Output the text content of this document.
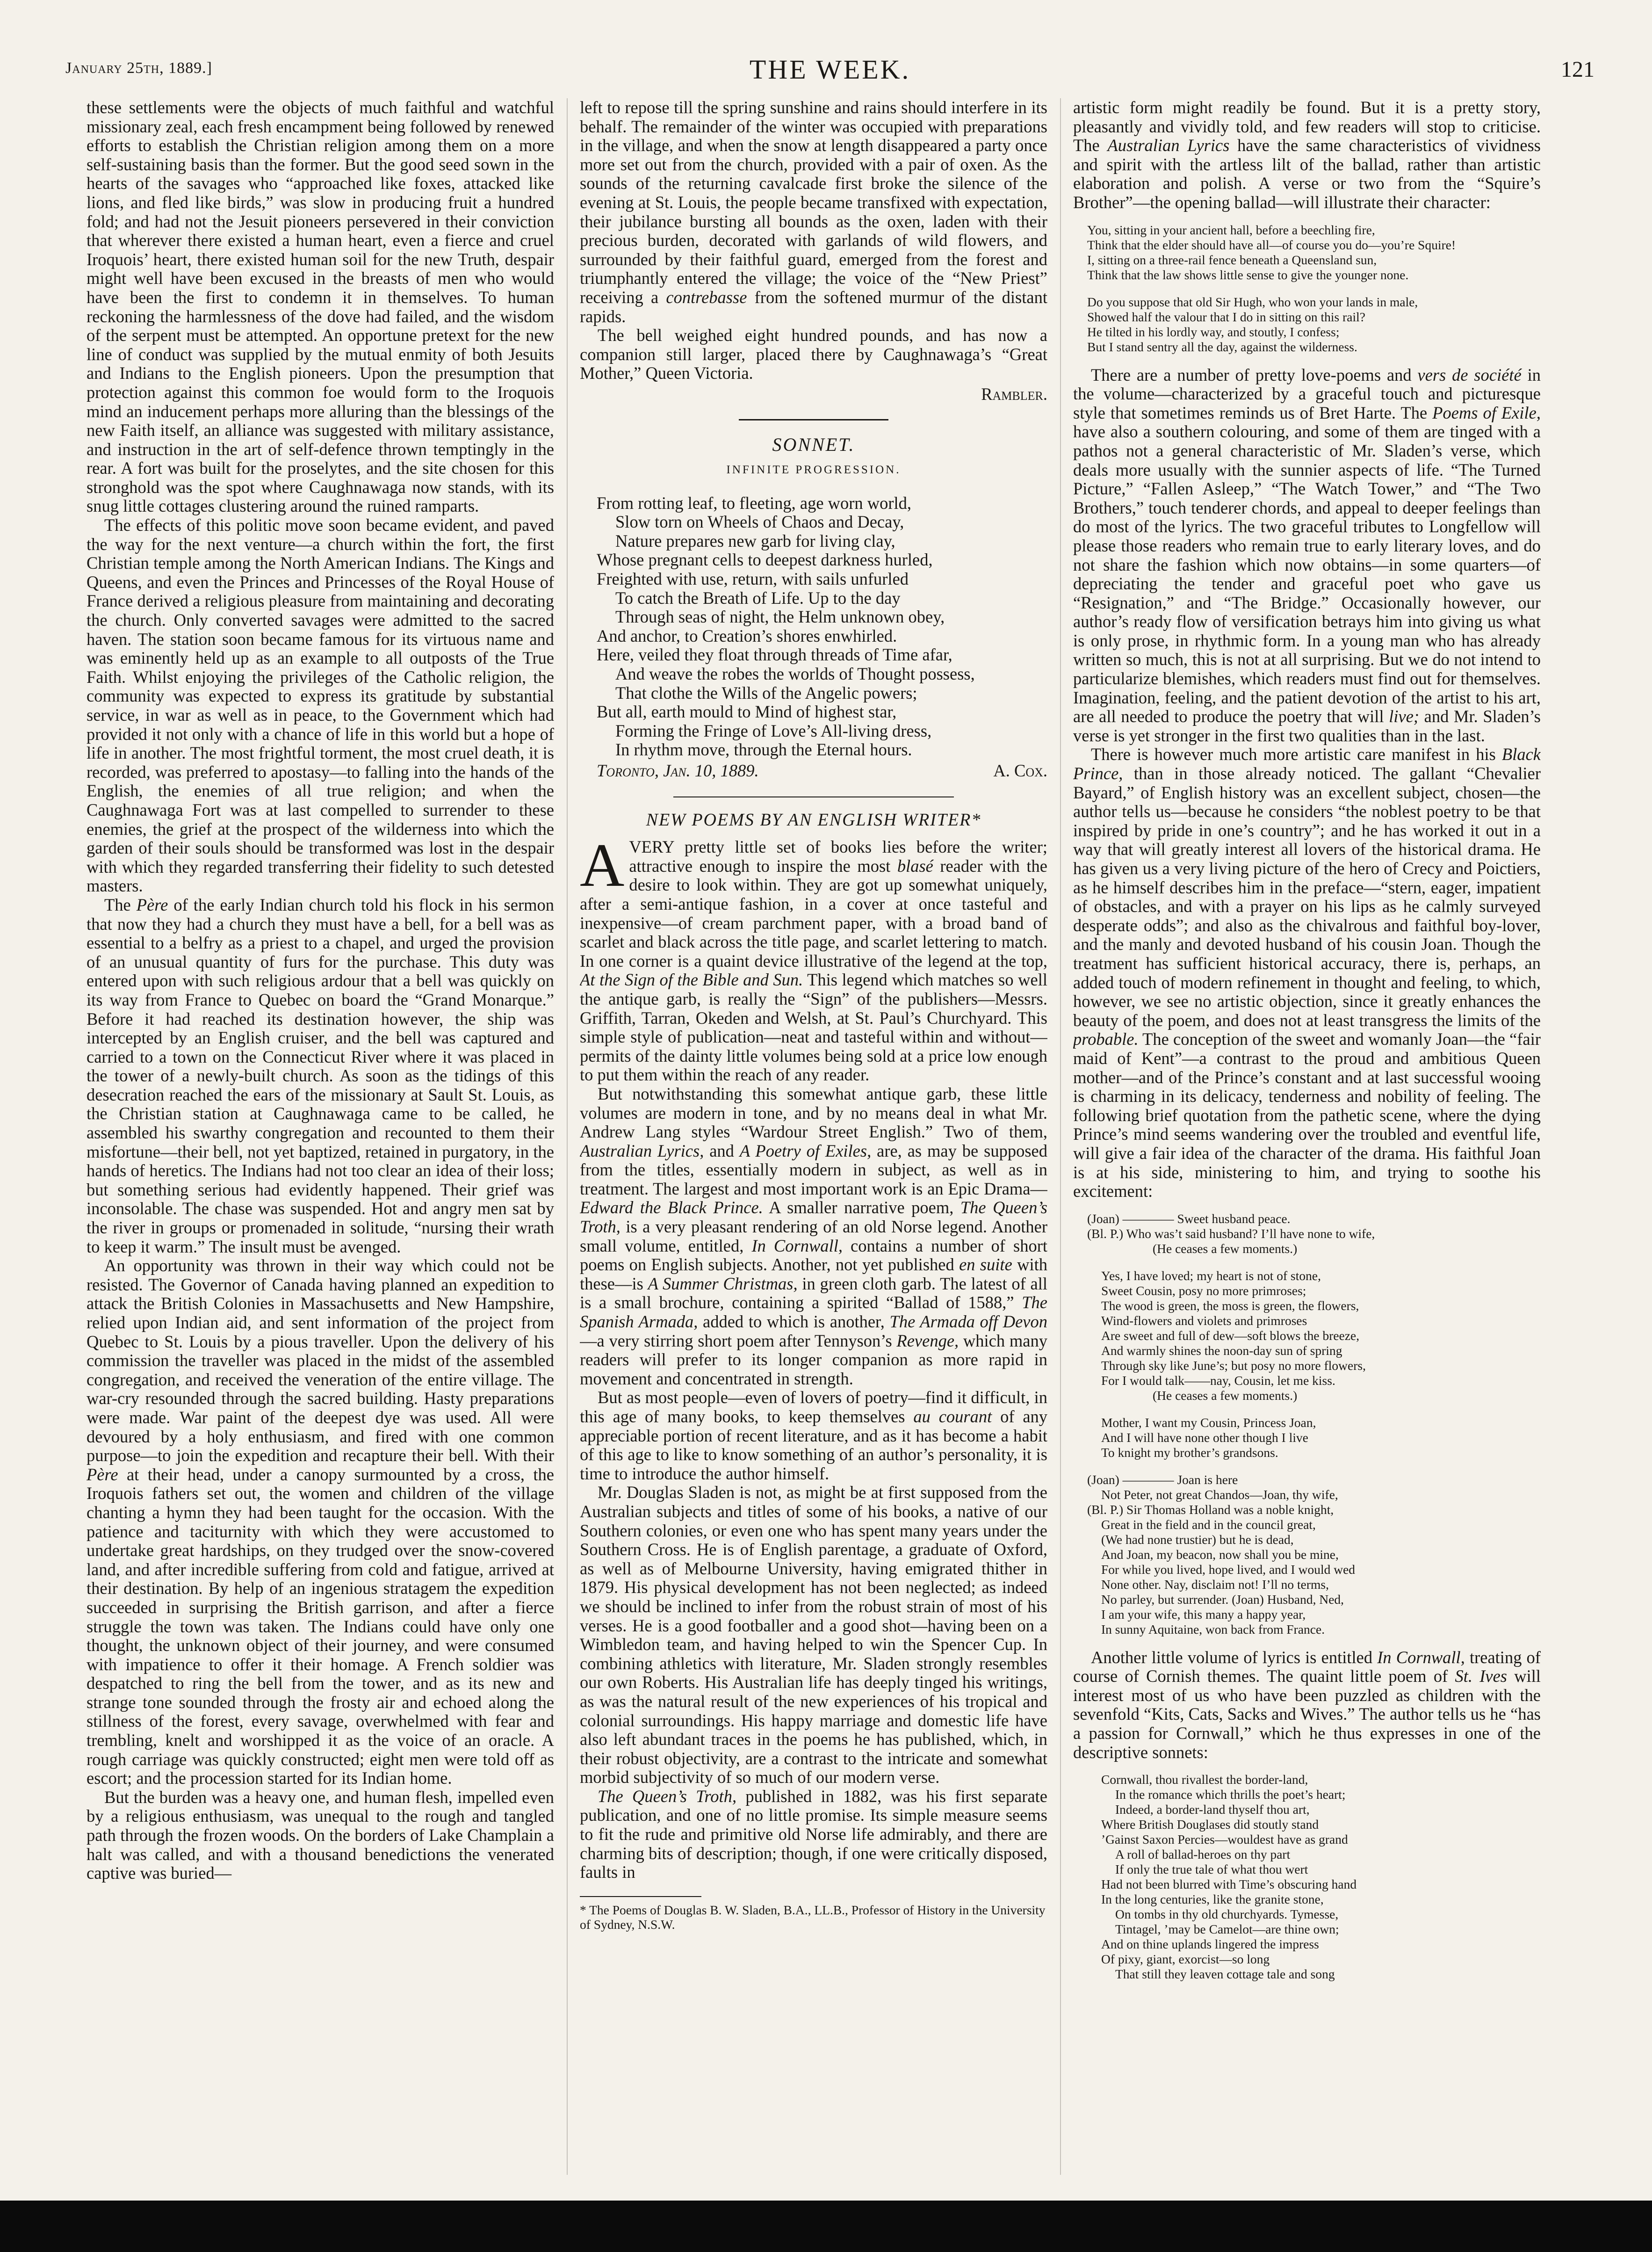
January 25th, 1889.]	THE WEEK.	121

these settlements were the objects of much faithful and watchful missionary zeal, each fresh encampment being followed by renewed efforts to establish the Christian religion among them on a more self-sustaining basis than the former. But the good seed sown in the hearts of the savages who “approached like foxes, attacked like lions, and fled like birds,” was slow in producing fruit a hundred fold; and had not the Jesuit pioneers persevered in their conviction that wherever there existed a human heart, even a fierce and cruel Iroquois’ heart, there existed human soil for the new Truth, despair might well have been excused in the breasts of men who would have been the first to condemn it in themselves. To human reckoning the harmlessness of the dove had failed, and the wisdom of the serpent must be attempted. An opportune pretext for the new line of conduct was supplied by the mutual enmity of both Jesuits and Indians to the English pioneers. Upon the presumption that protection against this common foe would form to the Iroquois mind an inducement perhaps more alluring than the blessings of the new Faith itself, an alliance was suggested with military assistance, and instruction in the art of self-defence thrown temptingly in the rear. A fort was built for the proselytes, and the site chosen for this stronghold was the spot where Caughnawaga now stands, with its snug little cottages clustering around the ruined ramparts.

The effects of this politic move soon became evident, and paved the way for the next venture—a church within the fort, the first Christian temple among the North American Indians. The Kings and Queens, and even the Princes and Princesses of the Royal House of France derived a religious pleasure from maintaining and decorating the church. Only converted savages were admitted to the sacred haven. The station soon became famous for its virtuous name and was eminently held up as an example to all outposts of the True Faith. Whilst enjoying the privileges of the Catholic religion, the community was expected to express its gratitude by substantial service, in war as well as in peace, to the Government which had provided it not only with a chance of life in this world but a hope of life in another. The most frightful torment, the most cruel death, it is recorded, was preferred to apostasy—to falling into the hands of the English, the enemies of all true religion; and when the Caughnawaga Fort was at last compelled to surrender to these enemies, the grief at the prospect of the wilderness into which the garden of their souls should be transformed was lost in the despair with which they regarded transferring their fidelity to such detested masters.

The Père of the early Indian church told his flock in his sermon that now they had a church they must have a bell, for a bell was as essential to a belfry as a priest to a chapel, and urged the provision of an unusual quantity of furs for the purchase. This duty was entered upon with such religious ardour that a bell was quickly on its way from France to Quebec on board the “Grand Monarque.” Before it had reached its destination however, the ship was intercepted by an English cruiser, and the bell was captured and carried to a town on the Connecticut River where it was placed in the tower of a newly-built church. As soon as the tidings of this desecration reached the ears of the missionary at Sault St. Louis, as the Christian station at Caughnawaga came to be called, he assembled his swarthy congregation and recounted to them their misfortune—their bell, not yet baptized, retained in purgatory, in the hands of heretics. The Indians had not too clear an idea of their loss; but something serious had evidently happened. Their grief was inconsolable. The chase was suspended. Hot and angry men sat by the river in groups or promenaded in solitude, “nursing their wrath to keep it warm.” The insult must be avenged.

An opportunity was thrown in their way which could not be resisted. The Governor of Canada having planned an expedition to attack the British Colonies in Massachusetts and New Hampshire, relied upon Indian aid, and sent information of the project from Quebec to St. Louis by a pious traveller. Upon the delivery of his commission the traveller was placed in the midst of the assembled congregation, and received the veneration of the entire village. The war-cry resounded through the sacred building. Hasty preparations were made. War paint of the deepest dye was used. All were devoured by a holy enthusiasm, and fired with one common purpose—to join the expedition and recapture their bell. With their Père at their head, under a canopy surmounted by a cross, the Iroquois fathers set out, the women and children of the village chanting a hymn they had been taught for the occasion. With the patience and taciturnity with which they were accustomed to undertake great hardships, on they trudged over the snow-covered land, and after incredible suffering from cold and fatigue, arrived at their destination. By help of an ingenious stratagem the expedition succeeded in surprising the British garrison, and after a fierce struggle the town was taken. The Indians could have only one thought, the unknown object of their journey, and were consumed with impatience to offer it their homage. A French soldier was despatched to ring the bell from the tower, and as its new and strange tone sounded through the frosty air and echoed along the stillness of the forest, every savage, overwhelmed with fear and trembling, knelt and worshipped it as the voice of an oracle. A rough carriage was quickly constructed; eight men were told off as escort; and the procession started for its Indian home.

But the burden was a heavy one, and human flesh, impelled even by a religious enthusiasm, was unequal to the rough and tangled path through the frozen woods. On the borders of Lake Champlain a halt was called, and with a thousand benedictions the venerated captive was buried—

left to repose till the spring sunshine and rains should interfere in its behalf. The remainder of the winter was occupied with preparations in the village, and when the snow at length disappeared a party once more set out from the church, provided with a pair of oxen. As the sounds of the returning cavalcade first broke the silence of the evening at St. Louis, the people became transfixed with expectation, their jubilance bursting all bounds as the oxen, laden with their precious burden, decorated with garlands of wild flowers, and surrounded by their faithful guard, emerged from the forest and triumphantly entered the village; the voice of the “New Priest” receiving a contrebasse from the softened murmur of the distant rapids.

The bell weighed eight hundred pounds, and has now a companion still larger, placed there by Caughnawaga’s “Great Mother,” Queen Victoria.

Rambler.
SONNET.
INFINITE PROGRESSION.
From rotting leaf, to fleeting, age worn world,
Slow torn on Wheels of Chaos and Decay,
Nature prepares new garb for living clay,
Whose pregnant cells to deepest darkness hurled,
Freighted with use, return, with sails unfurled
To catch the Breath of Life. Up to the day
Through seas of night, the Helm unknown obey,
And anchor, to Creation’s shores enwhirled.
Here, veiled they float through threads of Time afar,
And weave the robes the worlds of Thought possess,
That clothe the Wills of the Angelic powers;
But all, earth mould to Mind of highest star,
Forming the Fringe of Love’s All-living dress,
In rhythm move, through the Eternal hours.
Toronto, Jan. 10, 1889.	A. Cox.
NEW POEMS BY AN ENGLISH WRITER*

AVERY pretty little set of books lies before the writer; attractive enough to inspire the most blasé reader with the desire to look within. They are got up somewhat uniquely, after a semi-antique fashion, in a cover at once tasteful and inexpensive—of cream parchment paper, with a broad band of scarlet and black across the title page, and scarlet lettering to match. In one corner is a quaint device illustrative of the legend at the top, At the Sign of the Bible and Sun. This legend which matches so well the antique garb, is really the “Sign” of the publishers—Messrs. Griffith, Tarran, Okeden and Welsh, at St. Paul’s Churchyard. This simple style of publication—neat and tasteful within and without—permits of the dainty little volumes being sold at a price low enough to put them within the reach of any reader.

But notwithstanding this somewhat antique garb, these little volumes are modern in tone, and by no means deal in what Mr. Andrew Lang styles “Wardour Street English.” Two of them, Australian Lyrics, and A Poetry of Exiles, are, as may be supposed from the titles, essentially modern in subject, as well as in treatment. The largest and most important work is an Epic Drama—Edward the Black Prince. A smaller narrative poem, The Queen’s Troth, is a very pleasant rendering of an old Norse legend. Another small volume, entitled, In Cornwall, contains a number of short poems on English subjects. Another, not yet published en suite with these—is A Summer Christmas, in green cloth garb. The latest of all is a small brochure, containing a spirited “Ballad of 1588,” The Spanish Armada, added to which is another, The Armada off Devon—a very stirring short poem after Tennyson’s Revenge, which many readers will prefer to its longer companion as more rapid in movement and concentrated in strength.

But as most people—even of lovers of poetry—find it difficult, in this age of many books, to keep themselves au courant of any appreciable portion of recent literature, and as it has become a habit of this age to like to know something of an author’s personality, it is time to introduce the author himself.

Mr. Douglas Sladen is not, as might be at first supposed from the Australian subjects and titles of some of his books, a native of our Southern colonies, or even one who has spent many years under the Southern Cross. He is of English parentage, a graduate of Oxford, as well as of Melbourne University, having emigrated thither in 1879. His physical development has not been neglected; as indeed we should be inclined to infer from the robust strain of most of his verses. He is a good footballer and a good shot—having been on a Wimbledon team, and having helped to win the Spencer Cup. In combining athletics with literature, Mr. Sladen strongly resembles our own Roberts. His Australian life has deeply tinged his writings, as was the natural result of the new experiences of his tropical and colonial surroundings. His happy marriage and domestic life have also left abundant traces in the poems he has published, which, in their robust objectivity, are a contrast to the intricate and somewhat morbid subjectivity of so much of our modern verse.

The Queen’s Troth, published in 1882, was his first separate publication, and one of no little promise. Its simple measure seems to fit the rude and primitive old Norse life admirably, and there are charming bits of description; though, if one were critically disposed, faults in

* The Poems of Douglas B. W. Sladen, B.A., LL.B., Professor of History in the University of Sydney, N.S.W.

artistic form might readily be found. But it is a pretty story, pleasantly and vividly told, and few readers will stop to criticise. The Australian Lyrics have the same characteristics of vividness and spirit with the artless lilt of the ballad, rather than artistic elaboration and polish. A verse or two from the “Squire’s Brother”—the opening ballad—will illustrate their character:

You, sitting in your ancient hall, before a beechling fire,
Think that the elder should have all—of course you do—you’re Squire!
I, sitting on a three-rail fence beneath a Queensland sun,
Think that the law shows little sense to give the younger none.
Do you suppose that old Sir Hugh, who won your lands in male,
Showed half the valour that I do in sitting on this rail?
He tilted in his lordly way, and stoutly, I confess;
But I stand sentry all the day, against the wilderness.

There are a number of pretty love-poems and vers de société in the volume—characterized by a graceful touch and picturesque style that sometimes reminds us of Bret Harte. The Poems of Exile, have also a southern colouring, and some of them are tinged with a pathos not a general characteristic of Mr. Sladen’s verse, which deals more usually with the sunnier aspects of life. “The Turned Picture,” “Fallen Asleep,” “The Watch Tower,” and “The Two Brothers,” touch tenderer chords, and appeal to deeper feelings than do most of the lyrics. The two graceful tributes to Longfellow will please those readers who remain true to early literary loves, and do not share the fashion which now obtains—in some quarters—of depreciating the tender and graceful poet who gave us “Resignation,” and “The Bridge.” Occasionally however, our author’s ready flow of versification betrays him into giving us what is only prose, in rhythmic form. In a young man who has already written so much, this is not at all surprising. But we do not intend to particularize blemishes, which readers must find out for themselves. Imagination, feeling, and the patient devotion of the artist to his art, are all needed to produce the poetry that will live; and Mr. Sladen’s verse is yet stronger in the first two qualities than in the last.

There is however much more artistic care manifest in his Black Prince, than in those already noticed. The gallant “Chevalier Bayard,” of English history was an excellent subject, chosen—the author tells us—because he considers “the noblest poetry to be that inspired by pride in one’s country”; and he has worked it out in a way that will greatly interest all lovers of the historical drama. He has given us a very living picture of the hero of Crecy and Poictiers, as he himself describes him in the preface—“stern, eager, impatient of obstacles, and with a prayer on his lips as he calmly surveyed desperate odds”; and also as the chivalrous and faithful boy-lover, and the manly and devoted husband of his cousin Joan. Though the treatment has sufficient historical accuracy, there is, perhaps, an added touch of modern refinement in thought and feeling, to which, however, we see no artistic objection, since it greatly enhances the beauty of the poem, and does not at least transgress the limits of the probable. The conception of the sweet and womanly Joan—the “fair maid of Kent”—a contrast to the proud and ambitious Queen mother—and of the Prince’s constant and at last successful wooing is charming in its delicacy, tenderness and nobility of feeling. The following brief quotation from the pathetic scene, where the dying Prince’s mind seems wandering over the troubled and eventful life, will give a fair idea of the character of the drama. His faithful Joan is at his side, ministering to him, and trying to soothe his excitement:

(Joan) ———— Sweet husband peace.
(Bl. P.) Who was’t said husband? I’ll have none to wife,
(He ceases a few moments.)
Yes, I have loved; my heart is not of stone,
Sweet Cousin, posy no more primroses;
The wood is green, the moss is green, the flowers,
Wind-flowers and violets and primroses
Are sweet and full of dew—soft blows the breeze,
And warmly shines the noon-day sun of spring
Through sky like June’s; but posy no more flowers,
For I would talk——nay, Cousin, let me kiss.
(He ceases a few moments.)
Mother, I want my Cousin, Princess Joan,
And I will have none other though I live
To knight my brother’s grandsons.
(Joan) ———— Joan is here
Not Peter, not great Chandos—Joan, thy wife,
(Bl. P.) Sir Thomas Holland was a noble knight,
Great in the field and in the council great,
(We had none trustier) but he is dead,
And Joan, my beacon, now shall you be mine,
For while you lived, hope lived, and I would wed
None other. Nay, disclaim not! I’ll no terms,
No parley, but surrender. (Joan) Husband, Ned,
I am your wife, this many a happy year,
In sunny Aquitaine, won back from France.

Another little volume of lyrics is entitled In Cornwall, treating of course of Cornish themes. The quaint little poem of St. Ives will interest most of us who have been puzzled as children with the sevenfold “Kits, Cats, Sacks and Wives.” The author tells us he “has a passion for Cornwall,” which he thus expresses in one of the descriptive sonnets:

Cornwall, thou rivallest the border-land,
In the romance which thrills the poet’s heart;
Indeed, a border-land thyself thou art,
Where British Douglases did stoutly stand
’Gainst Saxon Percies—wouldest have as grand
A roll of ballad-heroes on thy part
If only the true tale of what thou wert
Had not been blurred with Time’s obscuring hand
In the long centuries, like the granite stone,
On tombs in thy old churchyards. Tymesse,
Tintagel, ’may be Camelot—are thine own;
And on thine uplands lingered the impress
Of pixy, giant, exorcist—so long
That still they leaven cottage tale and song
